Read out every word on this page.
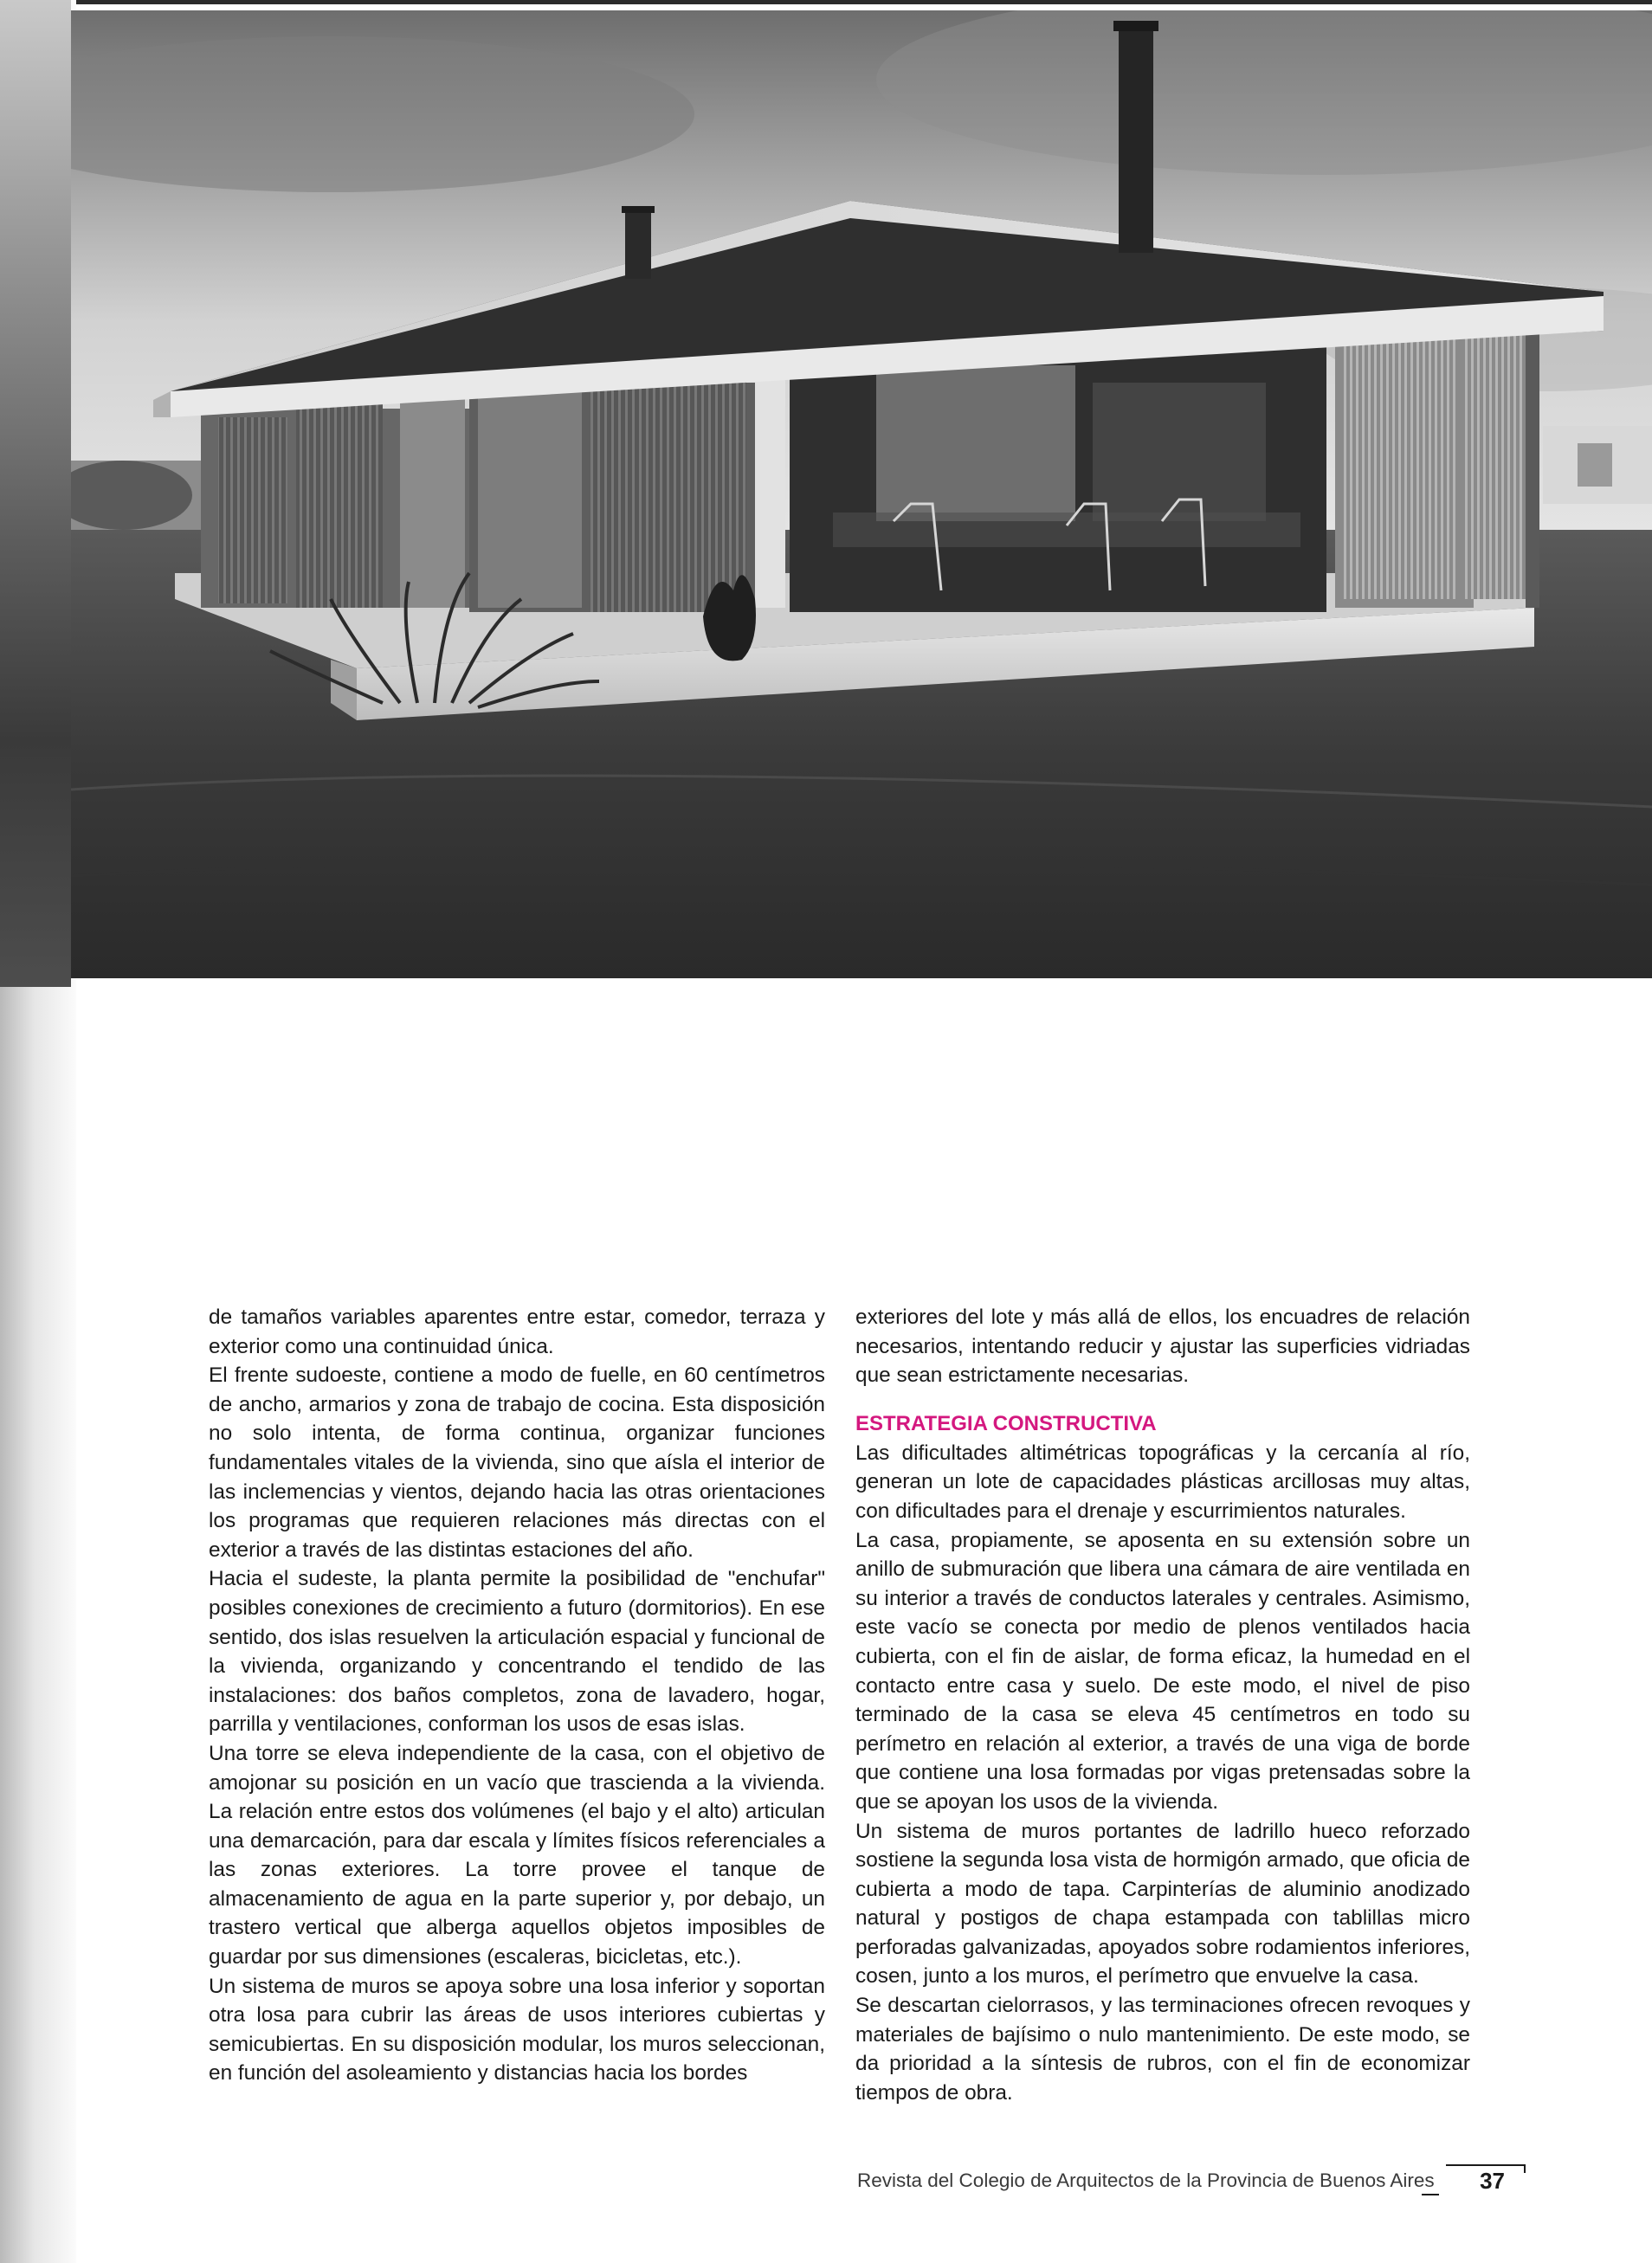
de tamaños variables aparentes entre estar, comedor, terraza y exterior como una continuidad única.

El frente sudoeste, contiene a modo de fuelle, en 60 centímetros de ancho, armarios y zona de trabajo de cocina. Esta disposición no solo intenta, de forma continua, organizar funciones fundamentales vitales de la vivienda, sino que aísla el interior de las inclemencias y vientos, dejando hacia las otras orientaciones los programas que requieren relaciones más directas con el exterior a través de las distintas estaciones del año.

Hacia el sudeste, la planta permite la posibilidad de "enchufar" posibles conexiones de crecimiento a futuro (dormitorios). En ese sentido, dos islas resuelven la articulación espacial y funcional de la vivienda, organizando y concentrando el tendido de las instalaciones: dos baños completos, zona de lavadero, hogar, parrilla y ventilaciones, conforman los usos de esas islas.

Una torre se eleva independiente de la casa, con el objetivo de amojonar su posición en un vacío que trascienda a la vivienda. La relación entre estos dos volúmenes (el bajo y el alto) articulan una demarcación, para dar escala y límites físicos referenciales a las zonas exteriores. La torre provee el tanque de almacenamiento de agua en la parte superior y, por debajo, un trastero vertical que alberga aquellos objetos imposibles de guardar por sus dimensiones (escaleras, bicicletas, etc.).

Un sistema de muros se apoya sobre una losa inferior y soportan otra losa para cubrir las áreas de usos interiores cubiertas y semicubiertas. En su disposición modular, los muros seleccionan, en función del asoleamiento y distancias hacia los bordes

exteriores del lote y más allá de ellos, los encuadres de relación necesarios, intentando reducir y ajustar las superficies vidriadas que sean estrictamente necesarias.

ESTRATEGIA CONSTRUCTIVA

Las dificultades altimétricas topográficas y la cercanía al río, generan un lote de capacidades plásticas arcillosas muy altas, con dificultades para el drenaje y escurrimientos naturales.

La casa, propiamente, se aposenta en su extensión sobre un anillo de submuración que libera una cámara de aire ventilada en su interior a través de conductos laterales y centrales. Asimismo, este vacío se conecta por medio de plenos ventilados hacia cubierta, con el fin de aislar, de forma eficaz, la humedad en el contacto entre casa y suelo. De este modo, el nivel de piso terminado de la casa se eleva 45 centímetros en todo su perímetro en relación al exterior, a través de una viga de borde que contiene una losa formadas por vigas pretensadas sobre la que se apoyan los usos de la vivienda.

Un sistema de muros portantes de ladrillo hueco reforzado sostiene la segunda losa vista de hormigón armado, que oficia de cubierta a modo de tapa. Carpinterías de aluminio anodizado natural y postigos de chapa estampada con tablillas micro perforadas galvanizadas, apoyados sobre rodamientos inferiores, cosen, junto a los muros, el perímetro que envuelve la casa.

Se descartan cielorrasos, y las terminaciones ofrecen revoques y materiales de bajísimo o nulo mantenimiento. De este modo, se da prioridad a la síntesis de rubros, con el fin de economizar tiempos de obra.

Revista del Colegio de Arquitectos de la Provincia de Buenos Aires 37
